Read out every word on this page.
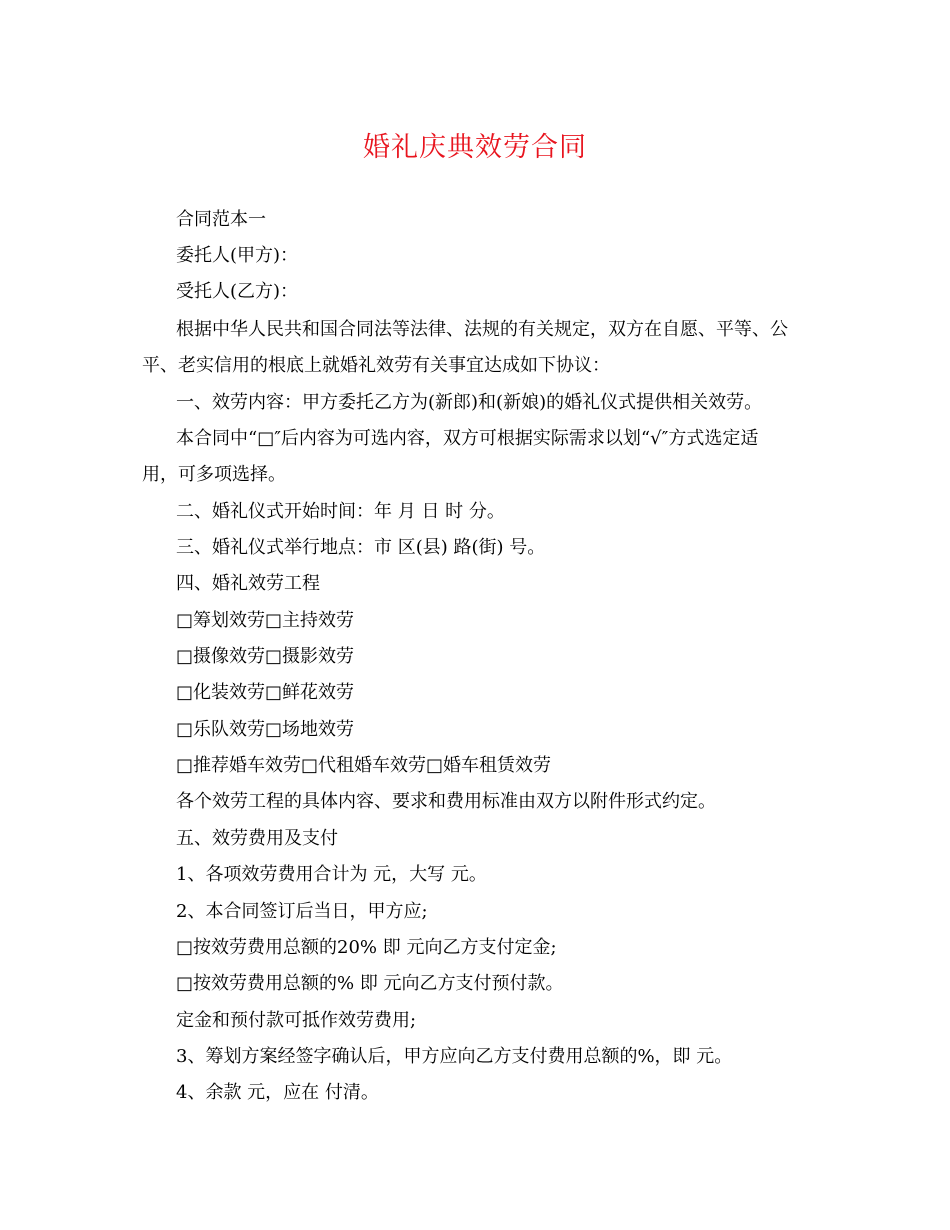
婚礼庆典效劳合同
合同范本一
委托人(甲方)：
受托人(乙方)：
根据中华人民共和国合同法等法律、法规的有关规定，双方在自愿、平等、公
平、老实信用的根底上就婚礼效劳有关事宜达成如下协议：
一、效劳内容：甲方委托乙方为(新郎)和(新娘)的婚礼仪式提供相关效劳。
本合同中“□″后内容为可选内容，双方可根据实际需求以划“√″方式选定适
用，可多项选择。
二、婚礼仪式开始时间：年 月 日 时 分。
三、婚礼仪式举行地点：市 区(县) 路(街) 号。
四、婚礼效劳工程
□筹划效劳□主持效劳
□摄像效劳□摄影效劳
□化装效劳□鲜花效劳
□乐队效劳□场地效劳
□推荐婚车效劳□代租婚车效劳□婚车租赁效劳
各个效劳工程的具体内容、要求和费用标准由双方以附件形式约定。
五、效劳费用及支付
1、各项效劳费用合计为 元，大写 元。
2、本合同签订后当日，甲方应;
□按效劳费用总额的20% 即 元向乙方支付定金;
□按效劳费用总额的% 即 元向乙方支付预付款。
定金和预付款可抵作效劳费用;
3、筹划方案经签字确认后，甲方应向乙方支付费用总额的%，即 元。
4、余款 元，应在 付清。
